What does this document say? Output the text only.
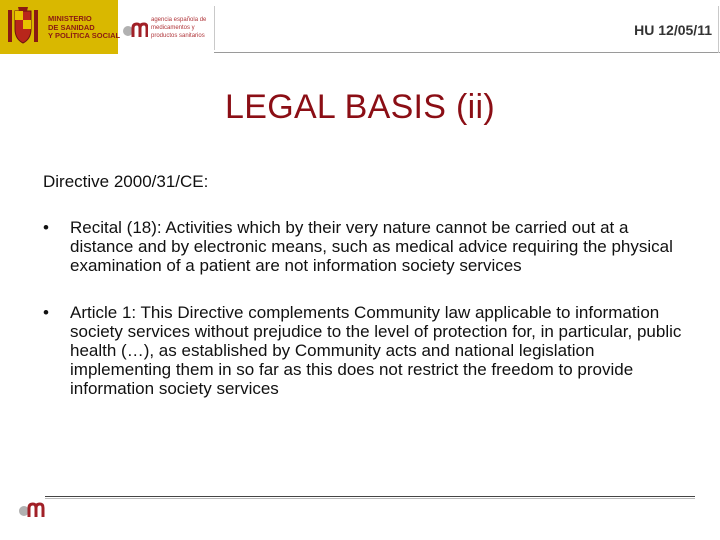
MINISTERIO
DE SANIDAD
Y POLÍTICA SOCIAL
agencia española de
medicamentos y
productos sanitarios	HU 12/05/11
LEGAL BASIS (ii)
Directive 2000/31/CE:
•	Recital (18): Activities which by their very nature cannot be carried out at a distance and by electronic means, such as medical advice requiring the physical examination of a patient are not information society services
•	Article 1: This Directive complements Community law applicable to information society services without prejudice to the level of protection for, in particular, public health (…), as established by Community acts and national legislation implementing them in so far as this does not restrict the freedom to provide information society services
